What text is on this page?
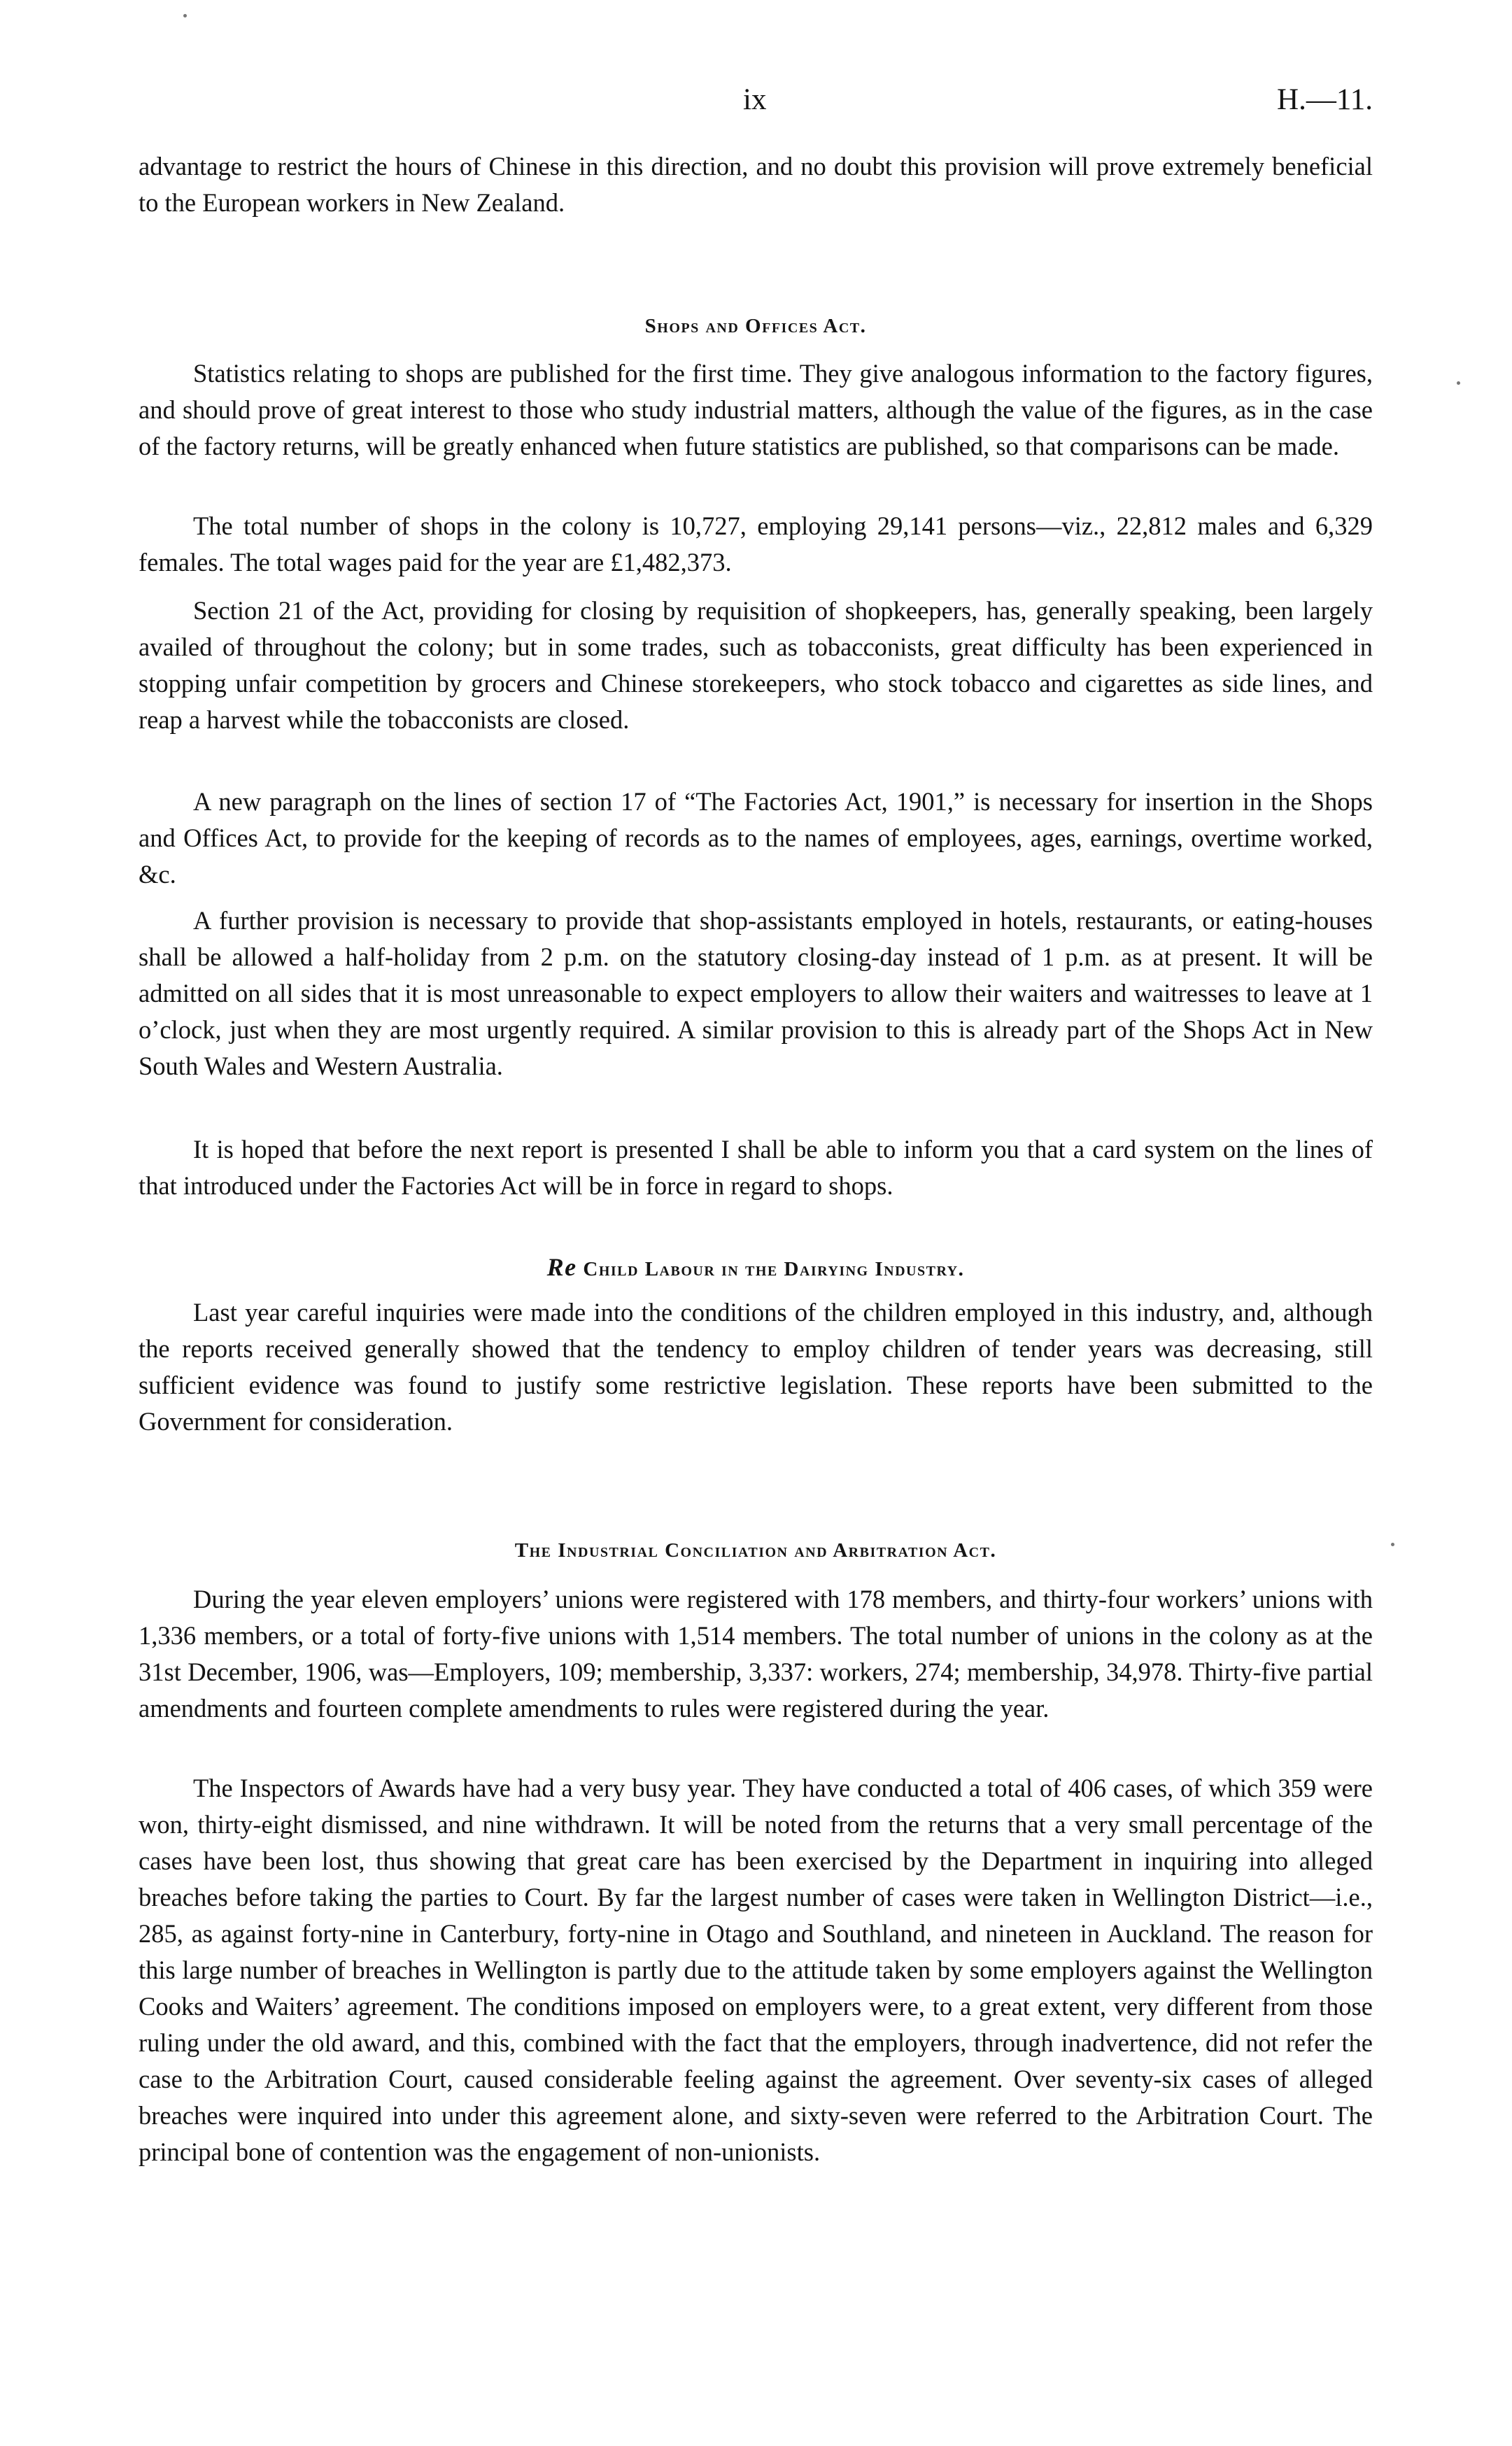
ix	H.—11.

advantage to restrict the hours of Chinese in this direction, and no doubt this provision will prove extremely beneficial to the European workers in New Zealand.

Shops and Offices Act.

Statistics relating to shops are published for the first time. They give analogous information to the factory figures, and should prove of great interest to those who study industrial matters, although the value of the figures, as in the case of the factory returns, will be greatly enhanced when future statistics are published, so that comparisons can be made.

The total number of shops in the colony is 10,727, employing 29,141 persons—viz., 22,812 males and 6,329 females. The total wages paid for the year are £1,482,373.

Section 21 of the Act, providing for closing by requisition of shopkeepers, has, generally speaking, been largely availed of throughout the colony; but in some trades, such as tobacconists, great difficulty has been experienced in stopping unfair competition by grocers and Chinese storekeepers, who stock tobacco and cigarettes as side lines, and reap a harvest while the tobacconists are closed.

A new paragraph on the lines of section 17 of “The Factories Act, 1901,” is necessary for insertion in the Shops and Offices Act, to provide for the keeping of records as to the names of employees, ages, earnings, overtime worked, &c.

A further provision is necessary to provide that shop-assistants employed in hotels, restaurants, or eating-houses shall be allowed a half-holiday from 2 p.m. on the statutory closing-day instead of 1 p.m. as at present. It will be admitted on all sides that it is most unreasonable to expect employers to allow their waiters and waitresses to leave at 1 o’clock, just when they are most urgently required. A similar provision to this is already part of the Shops Act in New South Wales and Western Australia.

It is hoped that before the next report is presented I shall be able to inform you that a card system on the lines of that introduced under the Factories Act will be in force in regard to shops.

Re Child Labour in the Dairying Industry.

Last year careful inquiries were made into the conditions of the children employed in this industry, and, although the reports received generally showed that the tendency to employ children of tender years was decreasing, still sufficient evidence was found to justify some restrictive legislation. These reports have been submitted to the Government for consideration.

The Industrial Conciliation and Arbitration Act.

During the year eleven employers’ unions were registered with 178 members, and thirty-four workers’ unions with 1,336 members, or a total of forty-five unions with 1,514 members. The total number of unions in the colony as at the 31st December, 1906, was—Employers, 109; membership, 3,337: workers, 274; membership, 34,978. Thirty-five partial amendments and fourteen complete amendments to rules were registered during the year.

The Inspectors of Awards have had a very busy year. They have conducted a total of 406 cases, of which 359 were won, thirty-eight dismissed, and nine withdrawn. It will be noted from the returns that a very small percentage of the cases have been lost, thus showing that great care has been exercised by the Department in inquiring into alleged breaches before taking the parties to Court. By far the largest number of cases were taken in Wellington District—i.e., 285, as against forty-nine in Canterbury, forty-nine in Otago and Southland, and nineteen in Auckland. The reason for this large number of breaches in Wellington is partly due to the attitude taken by some employers against the Wellington Cooks and Waiters’ agreement. The conditions imposed on employers were, to a great extent, very different from those ruling under the old award, and this, combined with the fact that the employers, through inadvertence, did not refer the case to the Arbitration Court, caused considerable feeling against the agreement. Over seventy-six cases of alleged breaches were inquired into under this agreement alone, and sixty-seven were referred to the Arbitration Court. The principal bone of contention was the engagement of non-unionists.
